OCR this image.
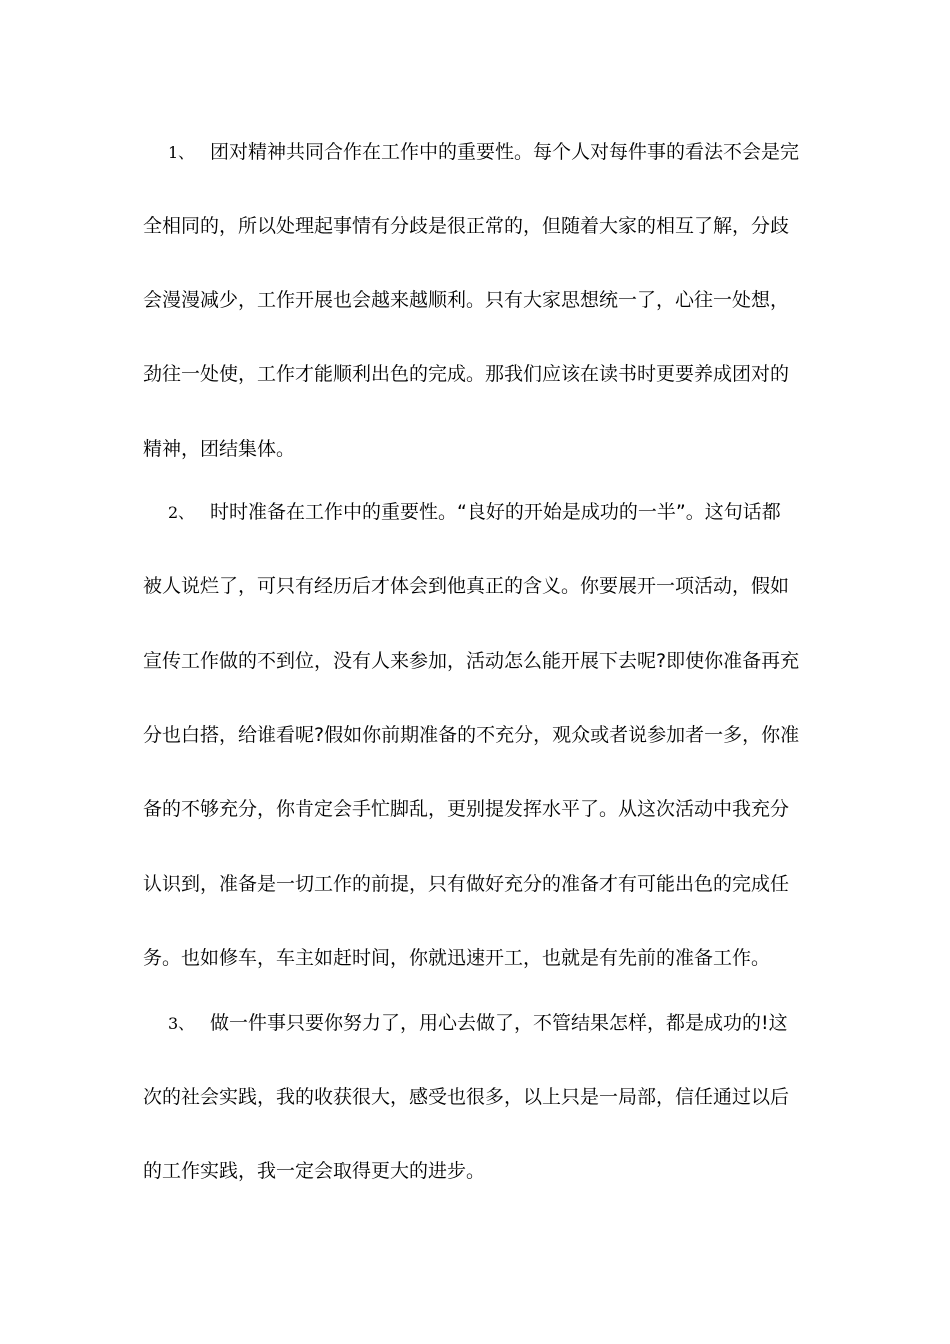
1、 团对精神共同合作在工作中的重要性。每个人对每件事的看法不会是完
全相同的，所以处理起事情有分歧是很正常的，但随着大家的相互了解，分歧
会漫漫减少，工作开展也会越来越顺利。只有大家思想统一了，心往一处想，
劲往一处使，工作才能顺利出色的完成。那我们应该在读书时更要养成团对的
精神，团结集体。
2、 时时准备在工作中的重要性。“良好的开始是成功的一半”。这句话都
被人说烂了，可只有经历后才体会到他真正的含义。你要展开一项活动，假如
宣传工作做的不到位，没有人来参加，活动怎么能开展下去呢?即使你准备再充
分也白搭，给谁看呢?假如你前期准备的不充分，观众或者说参加者一多，你准
备的不够充分，你肯定会手忙脚乱，更别提发挥水平了。从这次活动中我充分
认识到，准备是一切工作的前提，只有做好充分的准备才有可能出色的完成任
务。也如修车，车主如赶时间，你就迅速开工，也就是有先前的准备工作。
3、 做一件事只要你努力了，用心去做了，不管结果怎样，都是成功的!这
次的社会实践，我的收获很大，感受也很多，以上只是一局部，信任通过以后
的工作实践，我一定会取得更大的进步。
